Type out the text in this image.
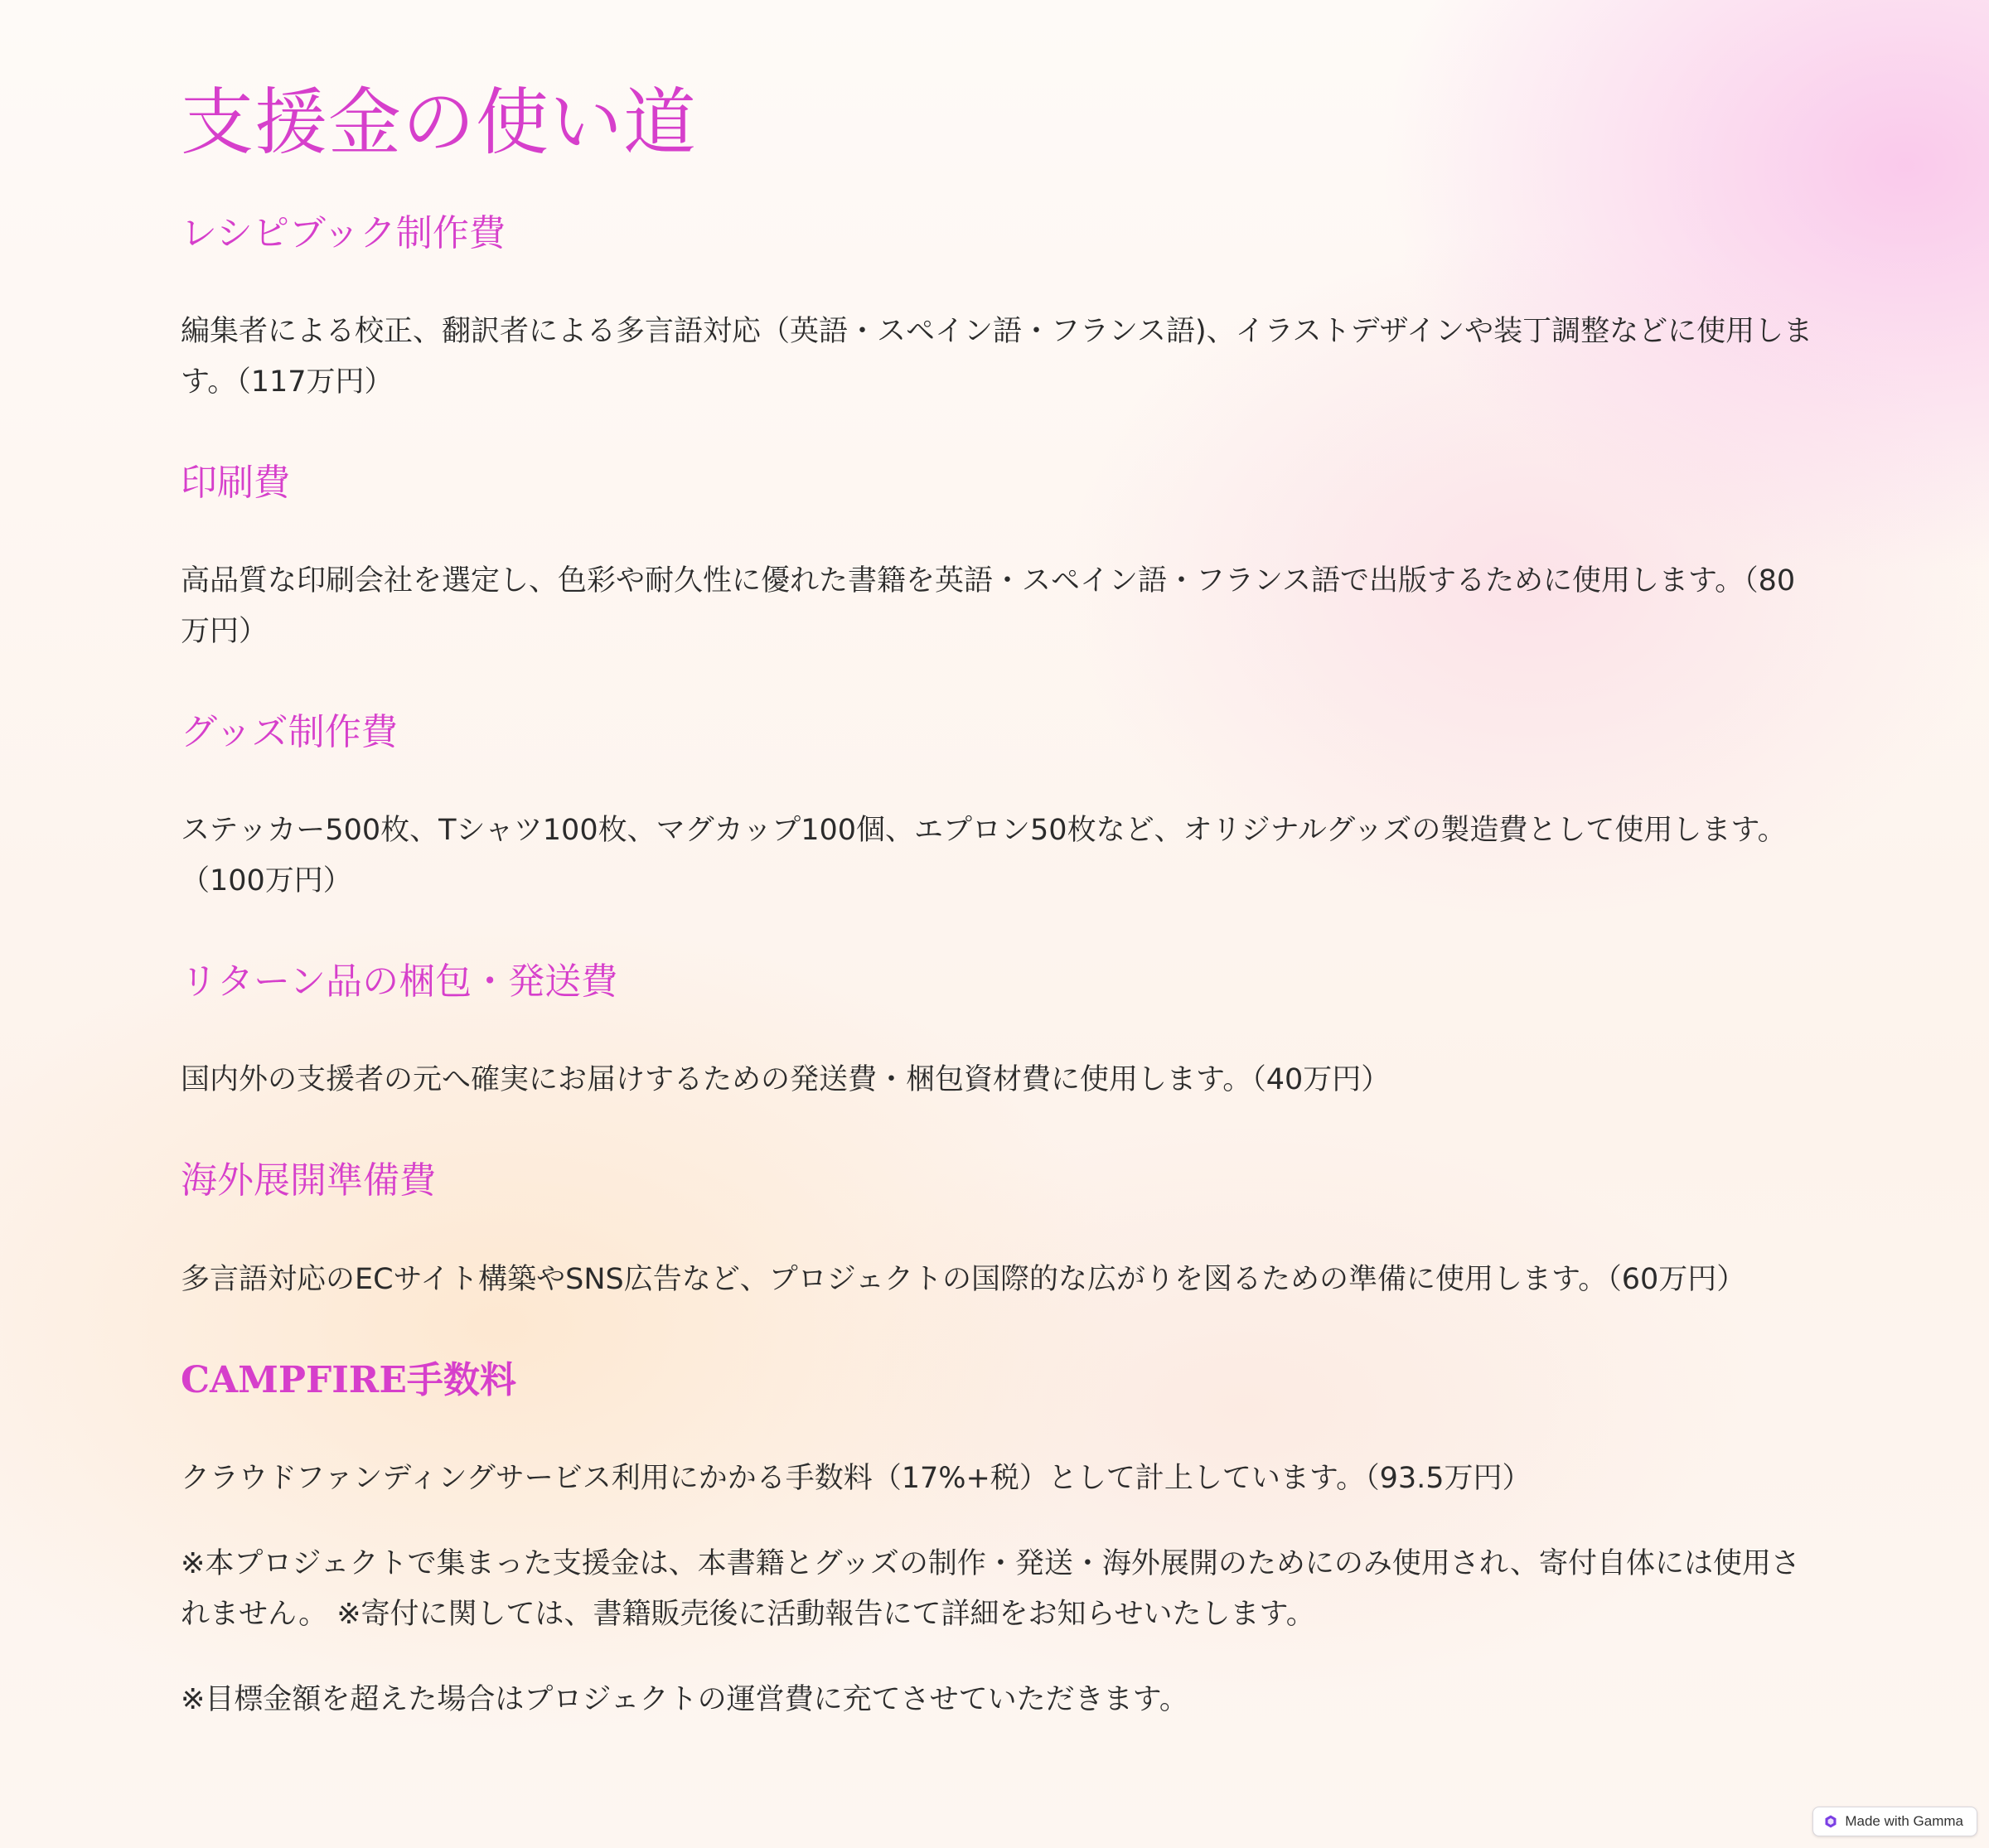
支援金の使い道
レシピブック制作費

編集者による校正、翻訳者による多言語対応（英語・スペイン語・フランス語)、イラストデザインや装丁調整などに使用します。（117万円）

印刷費

高品質な印刷会社を選定し、色彩や耐久性に優れた書籍を英語・スペイン語・フランス語で出版するために使用します。（80万円）

グッズ制作費

ステッカー500枚、Tシャツ100枚、マグカップ100個、エプロン50枚など、オリジナルグッズの製造費として使用します。（100万円）

リターン品の梱包・発送費

国内外の支援者の元へ確実にお届けするための発送費・梱包資材費に使用します。（40万円）

海外展開準備費

多言語対応のECサイト構築やSNS広告など、プロジェクトの国際的な広がりを図るための準備に使用します。（60万円）

CAMPFIRE手数料

クラウドファンディングサービス利用にかかる手数料（17%+税）として計上しています。（93.5万円）

※本プロジェクトで集まった支援金は、本書籍とグッズの制作・発送・海外展開のためにのみ使用され、寄付自体には使用されません。 ※寄付に関しては、書籍販売後に活動報告にて詳細をお知らせいたします。

※目標金額を超えた場合はプロジェクトの運営費に充てさせていただきます。

Made with Gamma
